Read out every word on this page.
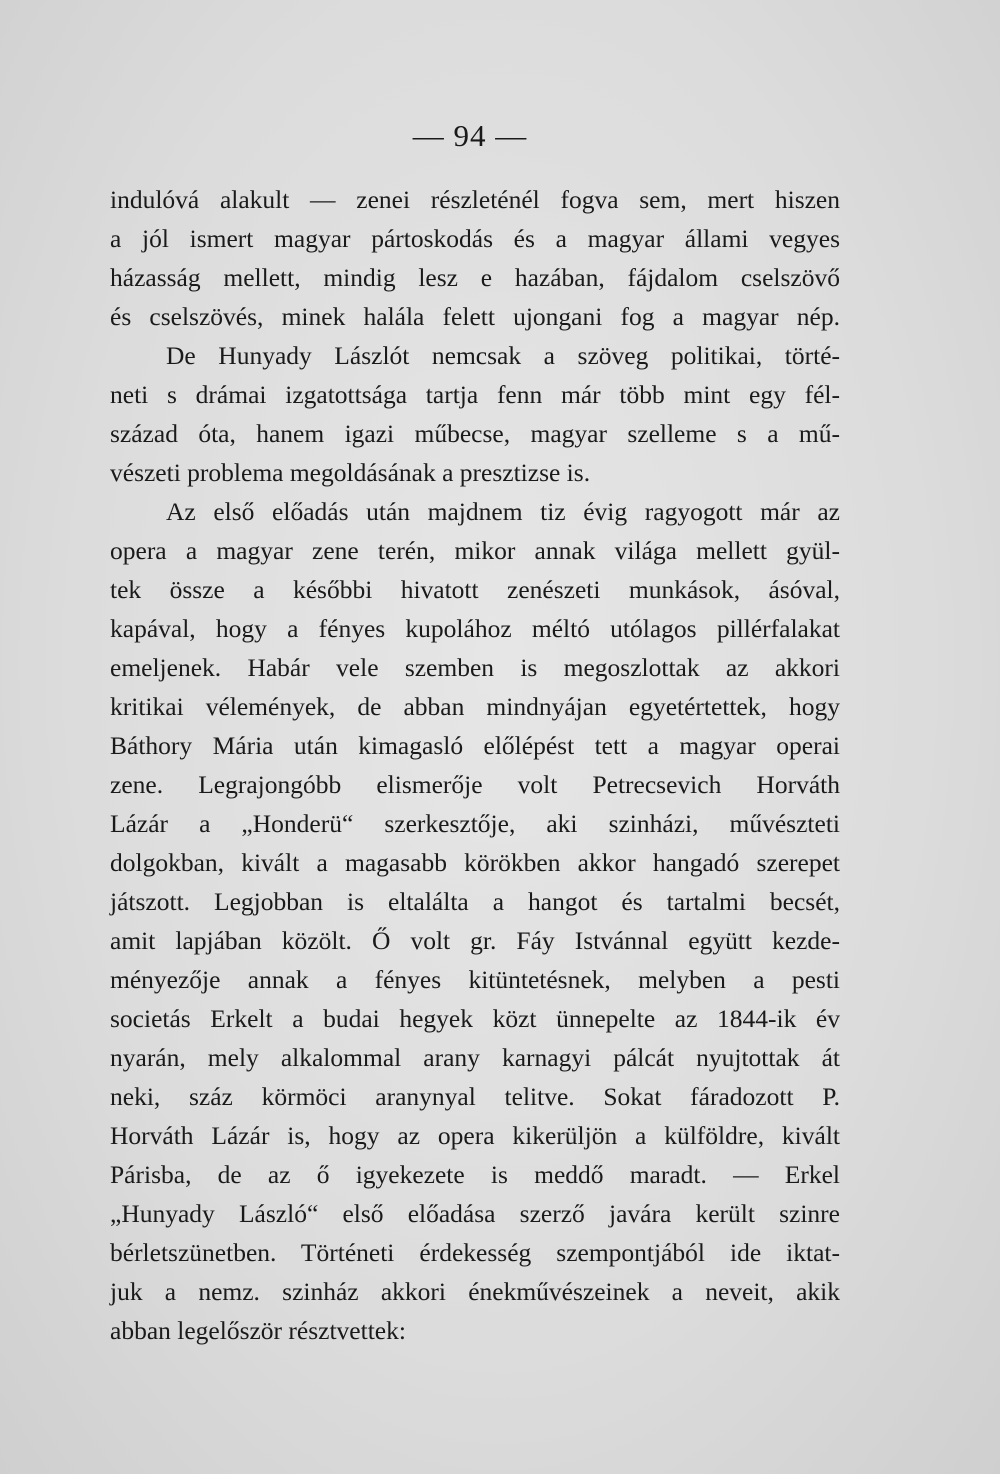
— 94 —
indulóvá alakult — zenei részleténél fogva sem, mert hiszen
a jól ismert magyar pártoskodás és a magyar állami vegyes
házasság mellett, mindig lesz e hazában, fájdalom cselszövő
és cselszövés, minek halála felett ujongani fog a magyar nép.
De Hunyady Lászlót nemcsak a szöveg politikai, törté-
neti s drámai izgatottsága tartja fenn már több mint egy fél-
század óta, hanem igazi műbecse, magyar szelleme s a mű-
vészeti problema megoldásának a presztizse is.
Az első előadás után majdnem tiz évig ragyogott már az
opera a magyar zene terén, mikor annak világa mellett gyül-
tek össze a későbbi hivatott zenészeti munkások, ásóval,
kapával, hogy a fényes kupolához méltó utólagos pillérfalakat
emeljenek. Habár vele szemben is megoszlottak az akkori
kritikai vélemények, de abban mindnyájan egyetértettek, hogy
Báthory Mária után kimagasló előlépést tett a magyar operai
zene. Legrajongóbb elismerője volt Petrecsevich Horváth
Lázár a „Honderü“ szerkesztője, aki szinházi, művészteti
dolgokban, kivált a magasabb körökben akkor hangadó szerepet
játszott. Legjobban is eltalálta a hangot és tartalmi becsét,
amit lapjában közölt. Ő volt gr. Fáy Istvánnal együtt kezde-
ményezője annak a fényes kitüntetésnek, melyben a pesti
societás Erkelt a budai hegyek közt ünnepelte az 1844-ik év
nyarán, mely alkalommal arany karnagyi pálcát nyujtottak át
neki, száz körmöci aranynyal telitve. Sokat fáradozott P.
Horváth Lázár is, hogy az opera kikerüljön a külföldre, kivált
Párisba, de az ő igyekezete is meddő maradt. — Erkel
„Hunyady László“ első előadása szerző javára került szinre
bérletszünetben. Történeti érdekesség szempontjából ide iktat-
juk a nemz. szinház akkori énekművészeinek a neveit, akik
abban legelőször résztvettek:
